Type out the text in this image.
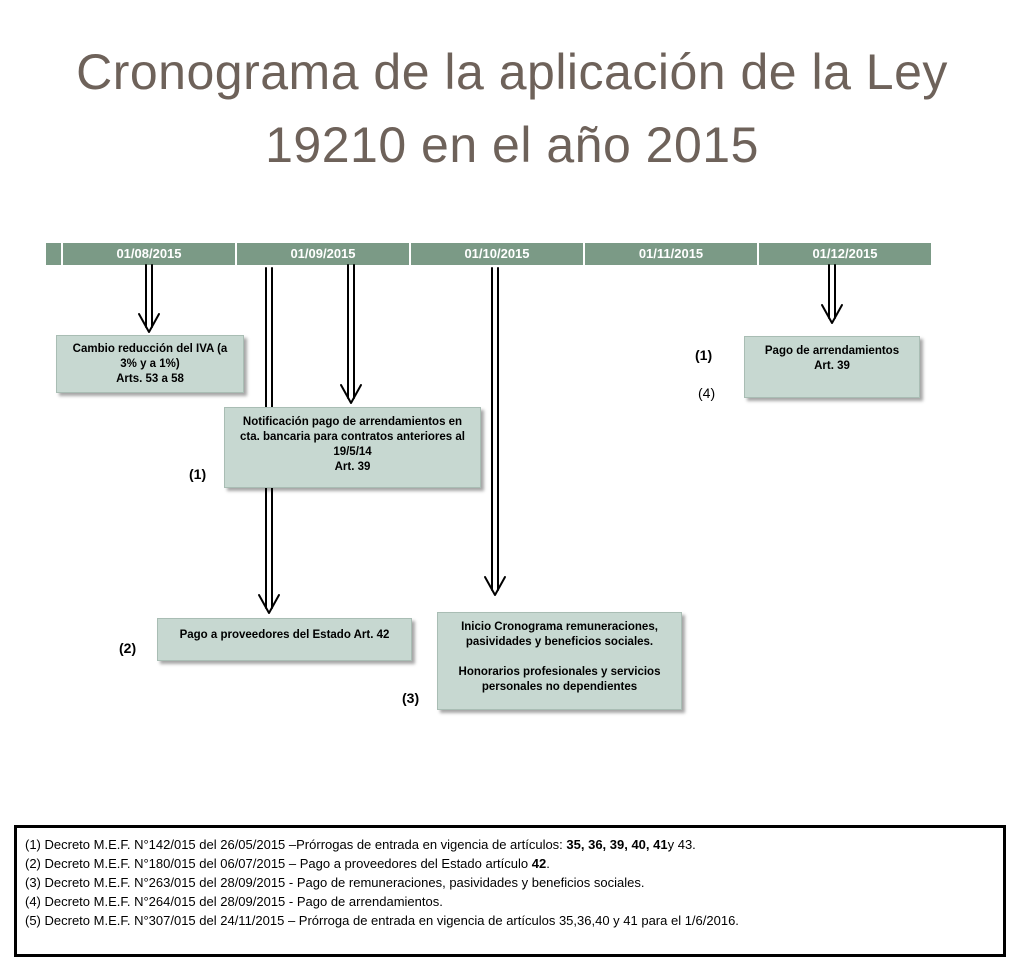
Cronograma de la aplicación de la Ley
19210 en el año 2015
01/08/2015	01/09/2015	01/10/2015	01/11/2015	01/12/2015
Cambio reducción del IVA (a
3% y a 1%)
Arts. 53 a 58
Notificación pago de arrendamientos en
cta. bancaria para contratos anteriores al
19/5/14
Art. 39
(1)
Pago a proveedores del Estado Art. 42
(2)
Inicio Cronograma remuneraciones,
pasividades y beneficios sociales.
Honorarios profesionales y servicios
personales no dependientes
(3)
Pago de arrendamientos
Art. 39
(1)
(4)
(1) Decreto M.E.F. N°142/015 del 26/05/2015 –Prórrogas de entrada en vigencia de artículos: 35, 36, 39, 40, 41y 43.
(2) Decreto M.E.F. N°180/015 del 06/07/2015 – Pago a proveedores del Estado artículo 42.
(3) Decreto M.E.F. N°263/015 del 28/09/2015 - Pago de remuneraciones, pasividades y beneficios sociales.
(4) Decreto M.E.F. N°264/015 del 28/09/2015 - Pago de arrendamientos.
(5) Decreto M.E.F. N°307/015 del 24/11/2015 – Prórroga de entrada en vigencia de artículos 35,36,40 y 41 para el 1/6/2016.
